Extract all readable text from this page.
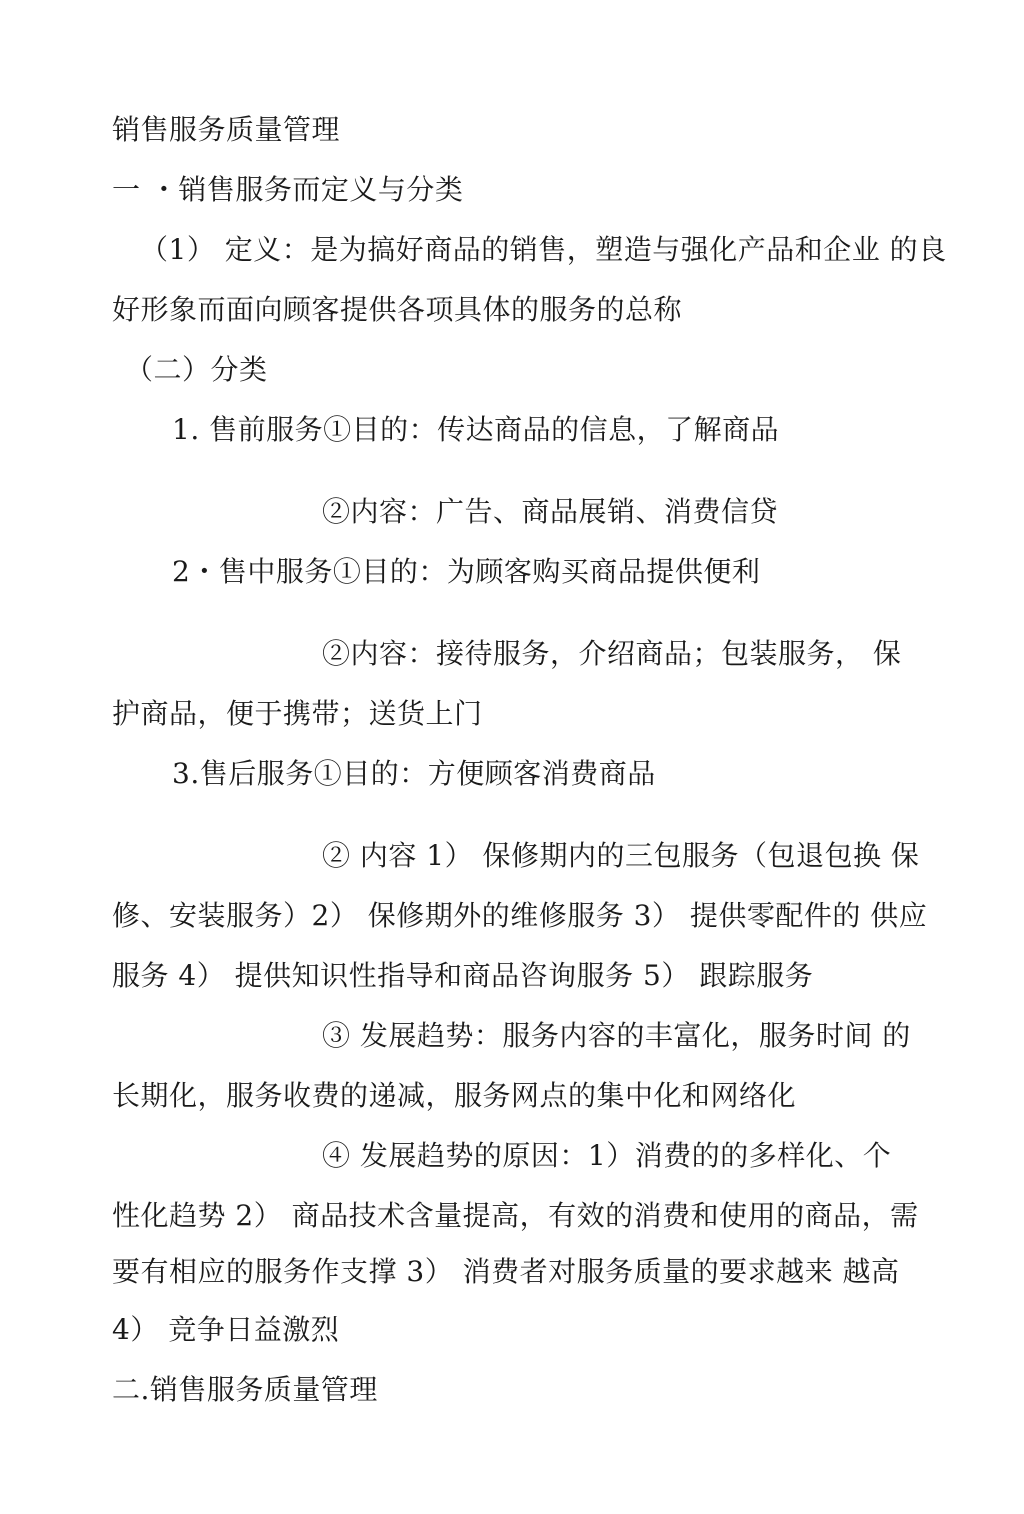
销售服务质量管理
一 ・销售服务而定义与分类
（1） 定义：是为搞好商品的销售，塑造与强化产品和企业 的良
好形象而面向顾客提供各项具体的服务的总称
（二）分类
1. 售前服务①目的：传达商品的信息，了解商品
②内容：广告、商品展销、消费信贷
2・售中服务①目的：为顾客购买商品提供便利
②内容：接待服务，介绍商品；包装服务， 保
护商品，便于携带；送货上门
3.售后服务①目的：方便顾客消费商品
② 内容 1） 保修期内的三包服务（包退包换 保
修、安装服务）2） 保修期外的维修服务 3） 提供零配件的 供应
服务 4） 提供知识性指导和商品咨询服务 5） 跟踪服务
③ 发展趋势：服务内容的丰富化，服务时间 的
长期化，服务收费的递减，服务网点的集中化和网络化
④ 发展趋势的原因：1）消费的的多样化、个
性化趋势 2） 商品技术含量提高，有效的消费和使用的商品，需
要有相应的服务作支撑 3） 消费者对服务质量的要求越来 越高
4） 竞争日益激烈
二.销售服务质量管理
